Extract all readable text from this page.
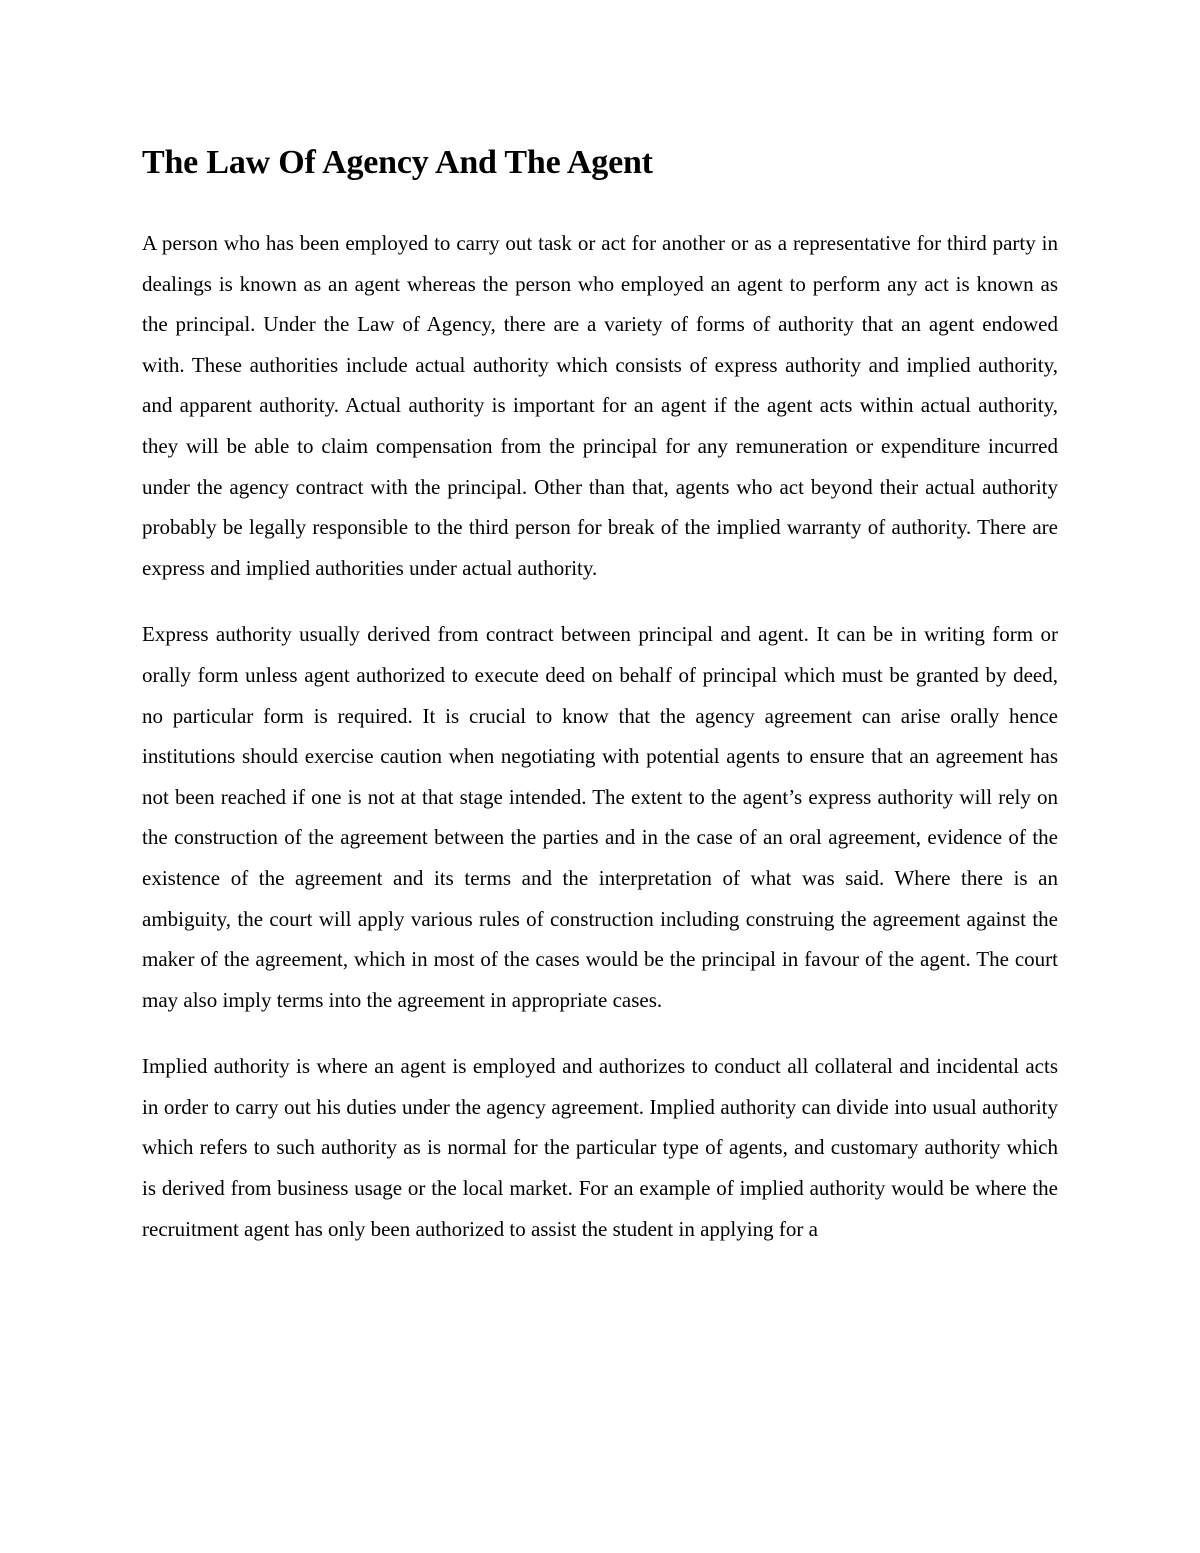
The Law Of Agency And The Agent

A person who has been employed to carry out task or act for another or as a representative for third party in dealings is known as an agent whereas the person who employed an agent to perform any act is known as the principal. Under the Law of Agency, there are a variety of forms of authority that an agent endowed with. These authorities include actual authority which consists of express authority and implied authority, and apparent authority. Actual authority is important for an agent if the agent acts within actual authority, they will be able to claim compensation from the principal for any remuneration or expenditure incurred under the agency contract with the principal. Other than that, agents who act beyond their actual authority probably be legally responsible to the third person for break of the implied warranty of authority. There are express and implied authorities under actual authority.

Express authority usually derived from contract between principal and agent. It can be in writing form or orally form unless agent authorized to execute deed on behalf of principal which must be granted by deed, no particular form is required. It is crucial to know that the agency agreement can arise orally hence institutions should exercise caution when negotiating with potential agents to ensure that an agreement has not been reached if one is not at that stage intended. The extent to the agent’s express authority will rely on the construction of the agreement between the parties and in the case of an oral agreement, evidence of the existence of the agreement and its terms and the interpretation of what was said. Where there is an ambiguity, the court will apply various rules of construction including construing the agreement against the maker of the agreement, which in most of the cases would be the principal in favour of the agent. The court may also imply terms into the agreement in appropriate cases.

Implied authority is where an agent is employed and authorizes to conduct all collateral and incidental acts in order to carry out his duties under the agency agreement. Implied authority can divide into usual authority which refers to such authority as is normal for the particular type of agents, and customary authority which is derived from business usage or the local market. For an example of implied authority would be where the recruitment agent has only been authorized to assist the student in applying for a
